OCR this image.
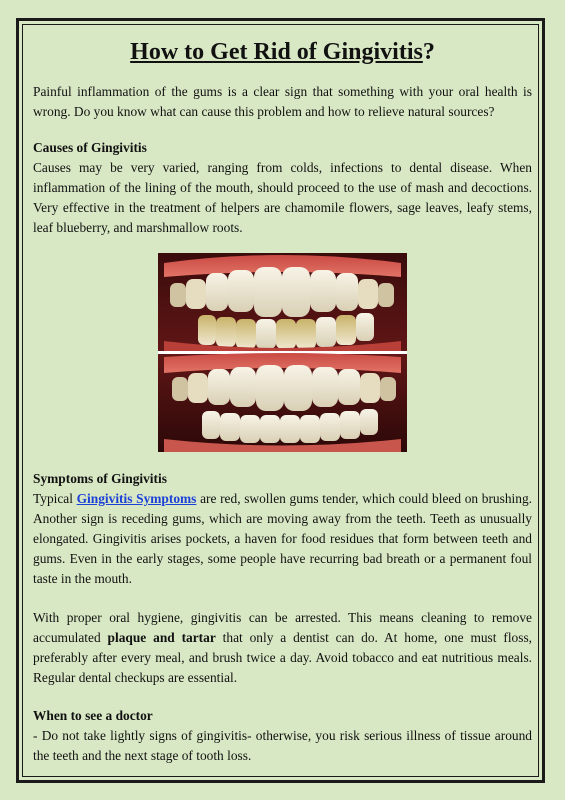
How to Get Rid of Gingivitis?

Painful inflammation of the gums is a clear sign that something with your oral health is wrong. Do you know what can cause this problem and how to relieve natural sources?

Causes of Gingivitis

Causes may be very varied, ranging from colds, infections to dental disease. When inflammation of the lining of the mouth, should proceed to the use of mash and decoctions. Very effective in the treatment of helpers are chamomile flowers, sage leaves, leafy stems, leaf blueberry, and marshmallow roots.

Symptoms of Gingivitis

Typical Gingivitis Symptoms are red, swollen gums tender, which could bleed on brushing. Another sign is receding gums, which are moving away from the teeth. Teeth as unusually elongated. Gingivitis arises pockets, a haven for food residues that form between teeth and gums. Even in the early stages, some people have recurring bad breath or a permanent foul taste in the mouth.

With proper oral hygiene, gingivitis can be arrested. This means cleaning to remove accumulated plaque and tartar that only a dentist can do. At home, one must floss, preferably after every meal, and brush twice a day. Avoid tobacco and eat nutritious meals. Regular dental checkups are essential.

When to see a doctor

- Do not take lightly signs of gingivitis- otherwise, you risk serious illness of tissue around the teeth and the next stage of tooth loss.
